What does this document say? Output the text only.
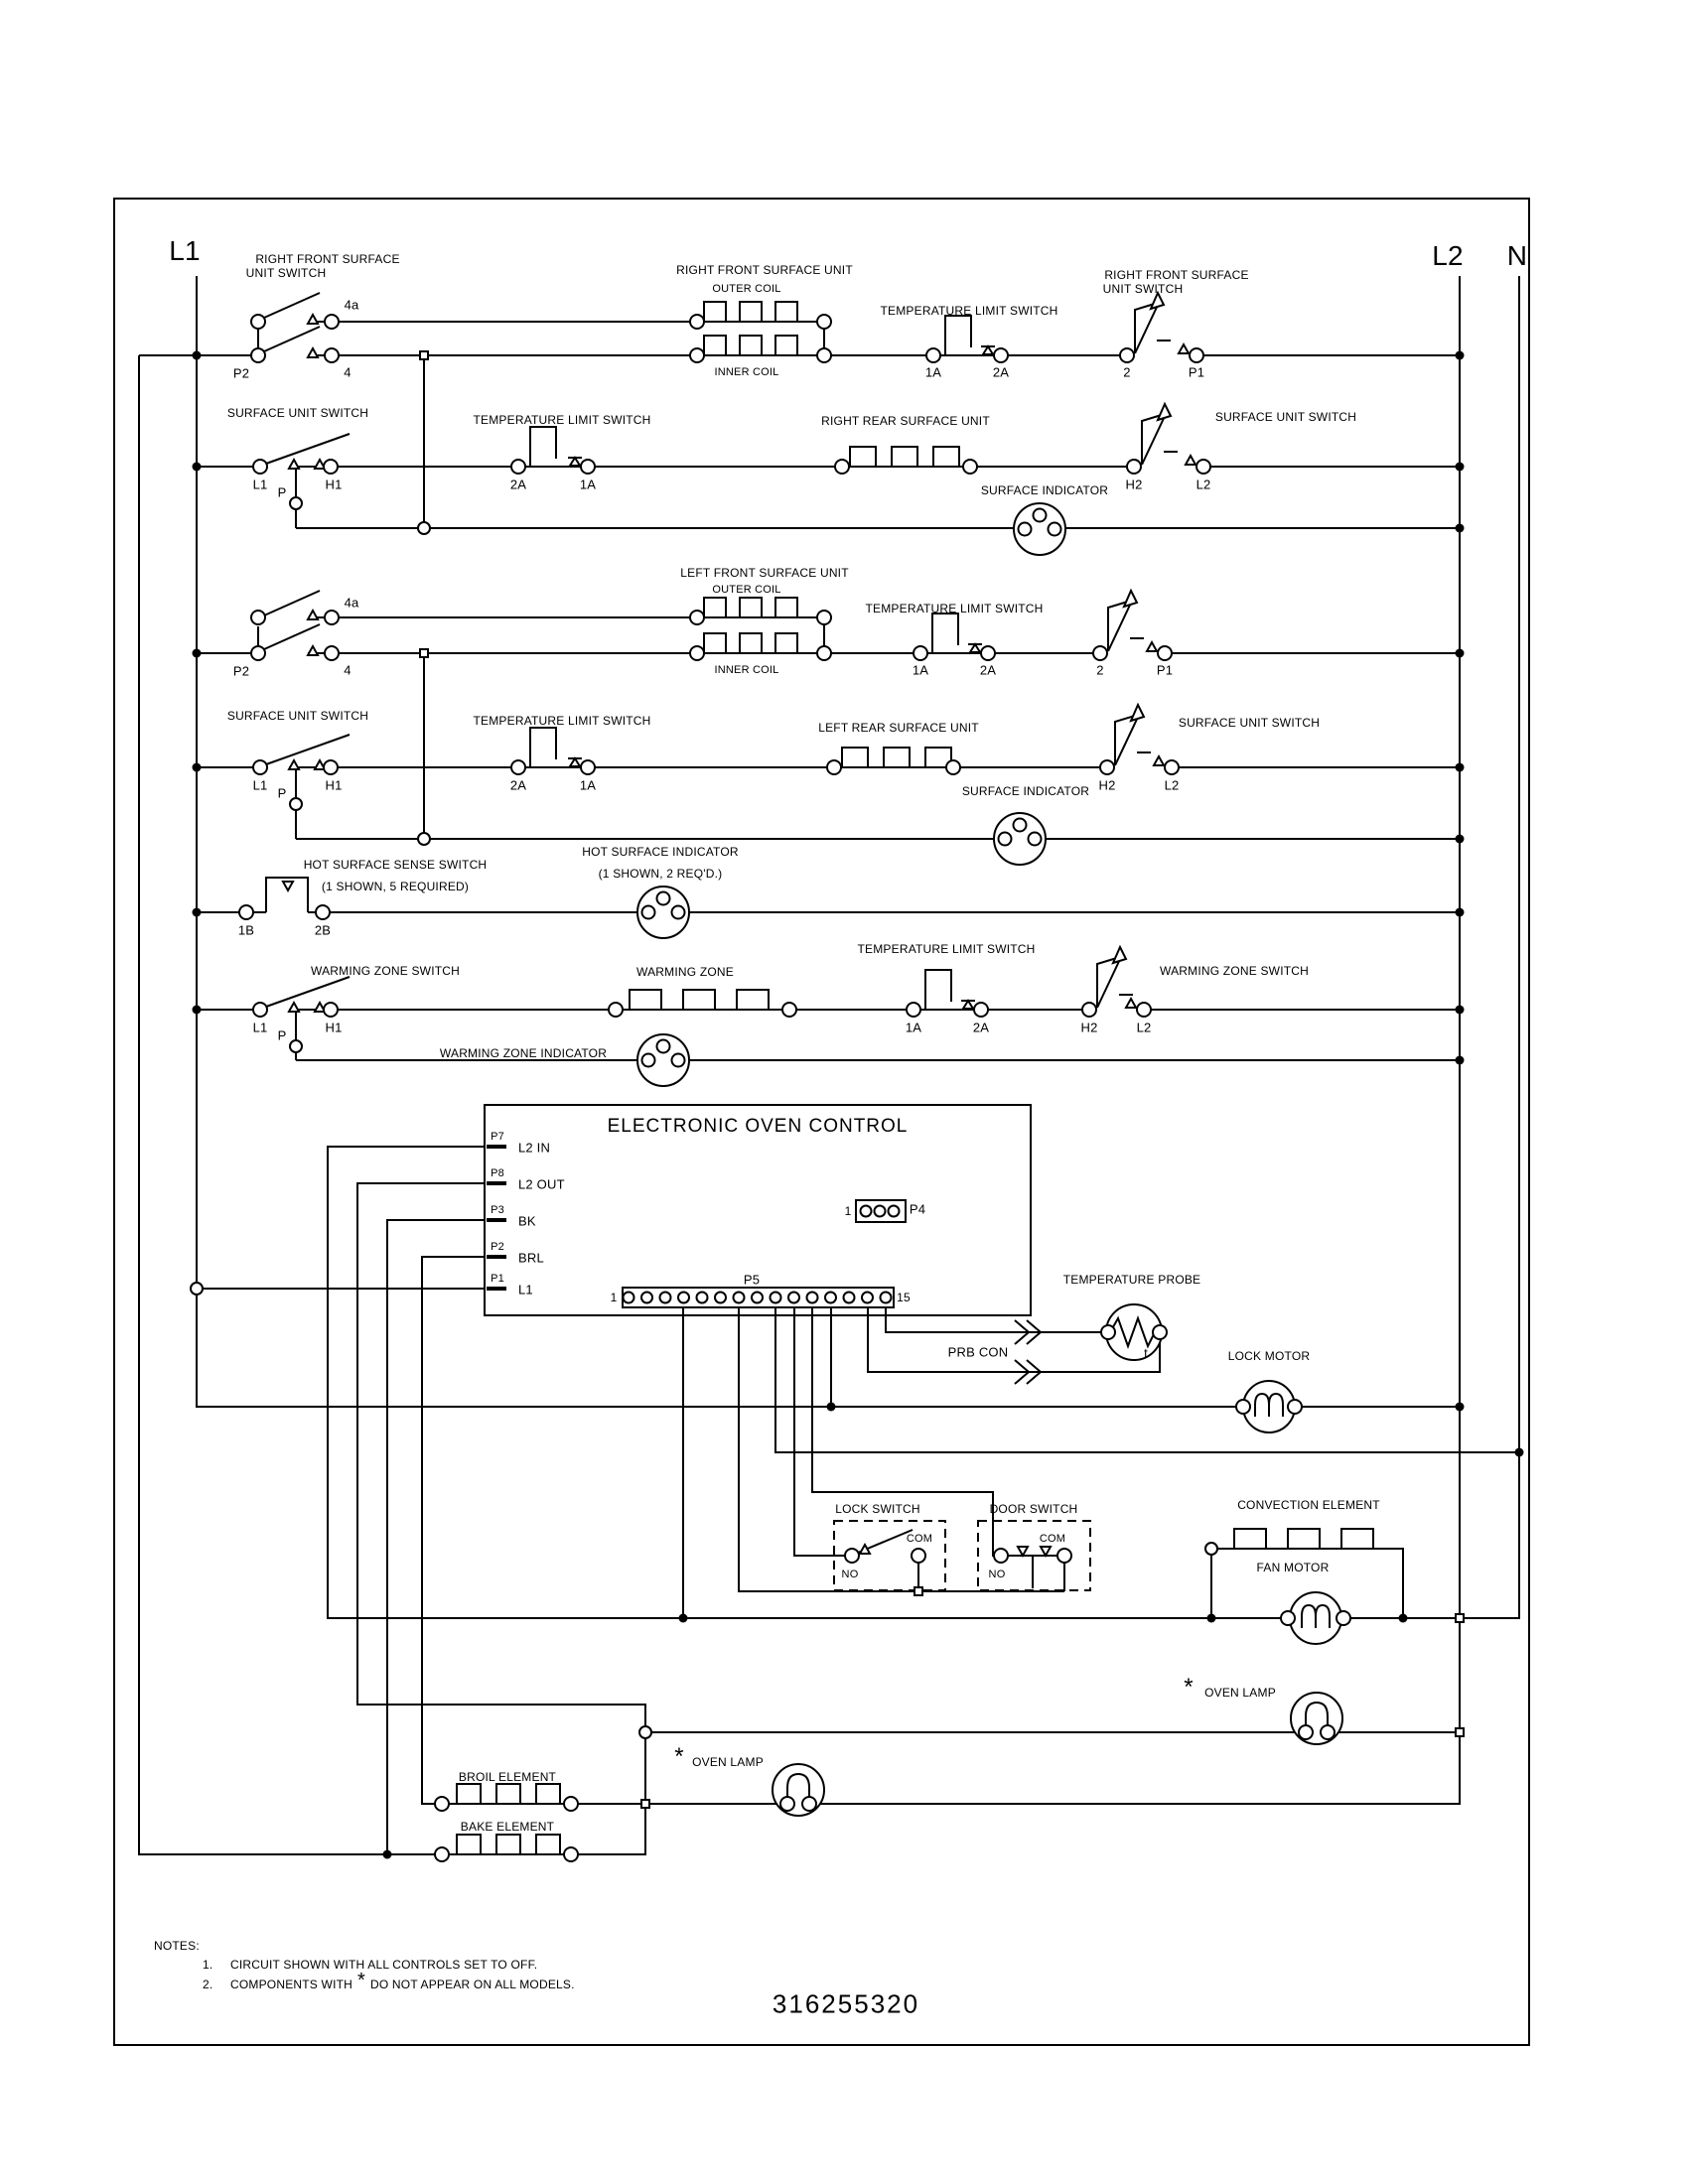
L1	L2 N
RIGHT FRONT SURFACE
UNIT SWITCH
P2
4a
4
RIGHT FRONT SURFACE UNIT
OUTER COIL
INNER COIL
TEMPERATURE LIMIT SWITCH
1A	2A	2	P1
RIGHT FRONT SURFACE
UNIT SWITCH
SURFACE UNIT SWITCH
L1
P
H1
TEMPERATURE LIMIT SWITCH
2A	1A
RIGHT REAR SURFACE UNIT
SURFACE INDICATOR H2	L2
SURFACE UNIT SWITCH
P2
4a
4
LEFT FRONT SURFACE UNIT
OUTER COIL
INNER COIL
TEMPERATURE LIMIT SWITCH
1A	2A	2	P1
SURFACE UNIT SWITCH
L1
P
H1
TEMPERATURE LIMIT SWITCH
2A	1A
LEFT REAR SURFACE UNIT
SURFACE INDICATOR H2	L2
SURFACE UNIT SWITCH
HOT SURFACE SENSE SWITCH
(1 SHOWN, 5 REQUIRED)
1B	2B
HOT SURFACE INDICATOR
(1 SHOWN, 2 REQ'D.)
WARMING ZONE SWITCH
L1
P
H1
WARMING ZONE
TEMPERATURE LIMIT SWITCH
1A	2A	H2	L2
WARMING ZONE SWITCH
WARMING ZONE INDICATOR
ELECTRONIC OVEN CONTROL
P7
L2 IN
P8
L2 OUT
P3
BK
P2
BRL
P1
L1
1	P4
P5
1	15
TEMPERATURE PROBE
PRB CON	t	LOCK MOTOR
LOCK SWITCH
COM
NO
DOOR SWITCH
COM
NO
CONVECTION ELEMENT
FAN MOTOR
* OVEN LAMP
* OVEN LAMP
BROIL ELEMENT
BAKE ELEMENT
NOTES:
1. CIRCUIT SHOWN WITH ALL CONTROLS SET TO OFF.
2. COMPONENTS WITH * DO NOT APPEAR ON ALL MODELS.
316255320
